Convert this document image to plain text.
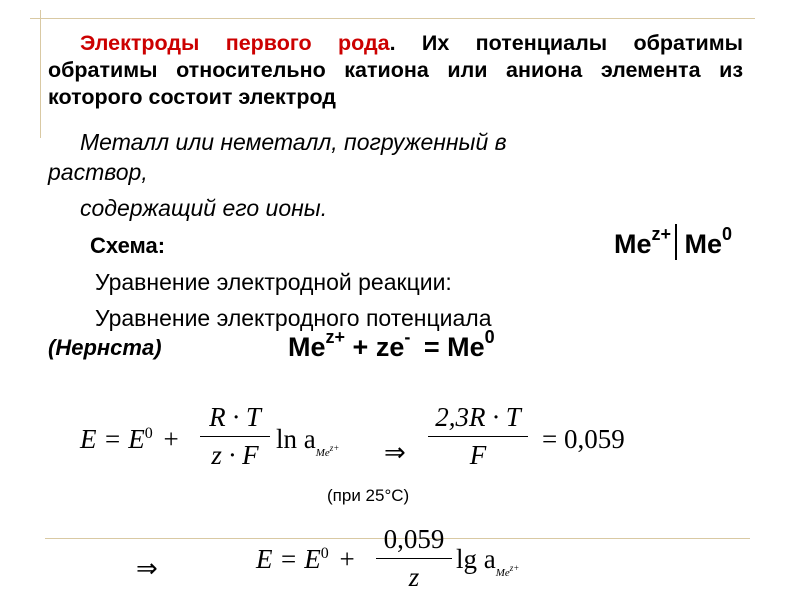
Электроды первого рода. Их потенциалы обратимы обратимы относительно катиона или аниона элемента из которого состоит электрод
Металл или неметалл, погруженный в
раствор,
содержащий его ионы.
Схема:	$Me^{z+}$ Me$^0$
Уравнение электродной реакции:
Уравнение электродного потенциала
(Нернста)	$Me^{z+} + ze^- = Me^0$
$E = E^0$ +
R · T
z · F
$\ln a_{Me^{z+}}$ ⇒
2,3R · T
F
= 0,059
(при 25°С)
⇒	$E = E^0$ +
0,059
z
$\lg a_{Me^{z+}}$
